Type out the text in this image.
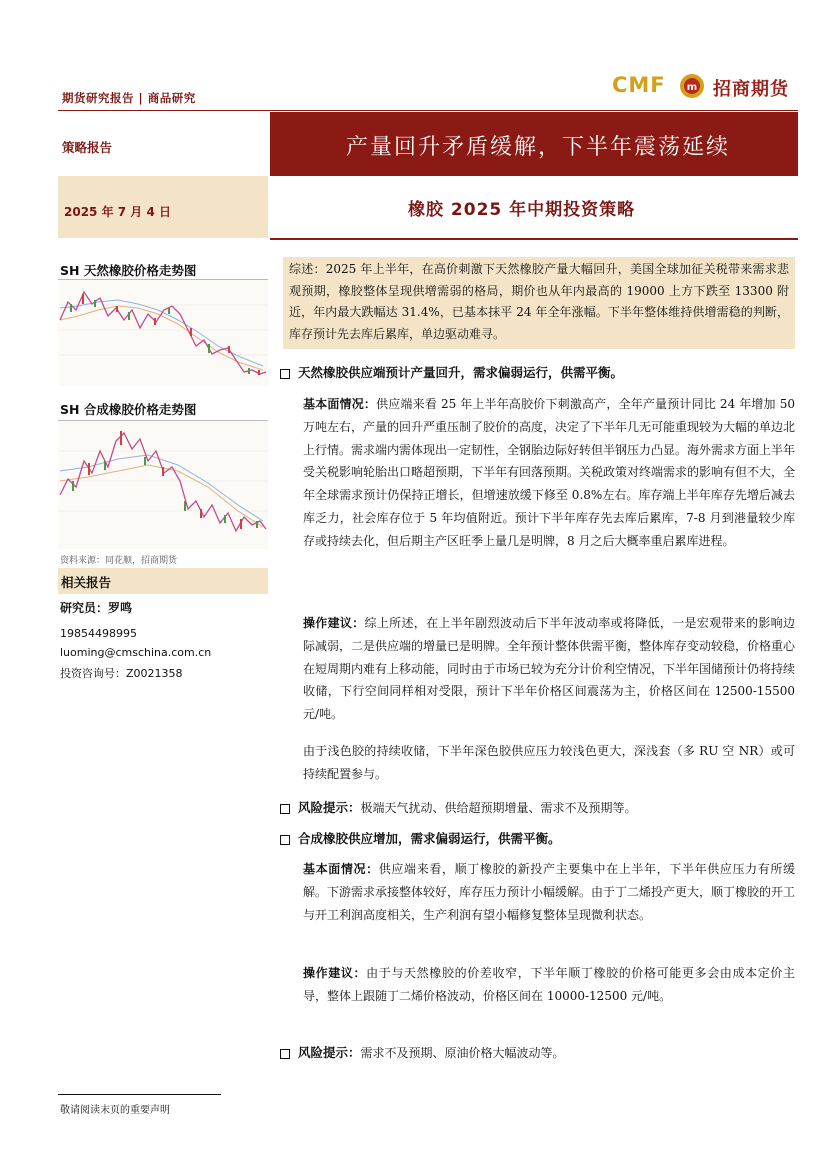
期货研究报告 | 商品研究
CMF m 招商期货
策略报告	产量回升矛盾缓解，下半年震荡延续
2025 年 7 月 4 日	橡胶 2025 年中期投资策略
SH 天然橡胶价格走势图
SH 合成橡胶价格走势图
资料来源：同花顺，招商期货
相关报告
研究员：罗鸣
19854498995
luoming@cmschina.com.cn
投资咨询号：Z0021358
综述：2025 年上半年，在高价刺激下天然橡胶产量大幅回升，美国全球加征关税带来需求悲观预期，橡胶整体呈现供增需弱的格局，期价也从年内最高的 19000 上方下跌至 13300 附近，年内最大跌幅达 31.4%，已基本抹平 24 年全年涨幅。下半年整体维持供增需稳的判断，库存预计先去库后累库，单边驱动难寻。
天然橡胶供应端预计产量回升，需求偏弱运行，供需平衡。
基本面情况：供应端来看 25 年上半年高胶价下刺激高产，全年产量预计同比 24 年增加 50 万吨左右，产量的回升严重压制了胶价的高度，决定了下半年几无可能重现较为大幅的单边北上行情。需求端内需体现出一定韧性，全钢胎边际好转但半钢压力凸显。海外需求方面上半年受关税影响轮胎出口略超预期，下半年有回落预期。关税政策对终端需求的影响有但不大，全年全球需求预计仍保持正增长，但增速放缓下修至 0.8%左右。库存端上半年库存先增后减去库乏力，社会库存位于 5 年均值附近。预计下半年库存先去库后累库，7-8 月到港量较少库存或持续去化，但后期主产区旺季上量几是明牌，8 月之后大概率重启累库进程。
操作建议：综上所述，在上半年剧烈波动后下半年波动率或将降低，一是宏观带来的影响边际减弱，二是供应端的增量已是明牌。全年预计整体供需平衡，整体库存变动较稳，价格重心在短周期内难有上移动能，同时由于市场已较为充分计价利空情况，下半年国储预计仍将持续收储，下行空间同样相对受限，预计下半年价格区间震荡为主，价格区间在 12500-15500 元/吨。
由于浅色胶的持续收储，下半年深色胶供应压力较浅色更大，深浅套（多 RU 空 NR）或可持续配置参与。
风险提示：极端天气扰动、供给超预期增量、需求不及预期等。
合成橡胶供应增加，需求偏弱运行，供需平衡。
基本面情况：供应端来看，顺丁橡胶的新投产主要集中在上半年，下半年供应压力有所缓解。下游需求承接整体较好，库存压力预计小幅缓解。由于丁二烯投产更大，顺丁橡胶的开工与开工利润高度相关，生产利润有望小幅修复整体呈现微利状态。
操作建议：由于与天然橡胶的价差收窄，下半年顺丁橡胶的价格可能更多会由成本定价主导，整体上跟随丁二烯价格波动，价格区间在 10000-12500 元/吨。
风险提示：需求不及预期、原油价格大幅波动等。
敬请阅读末页的重要声明
